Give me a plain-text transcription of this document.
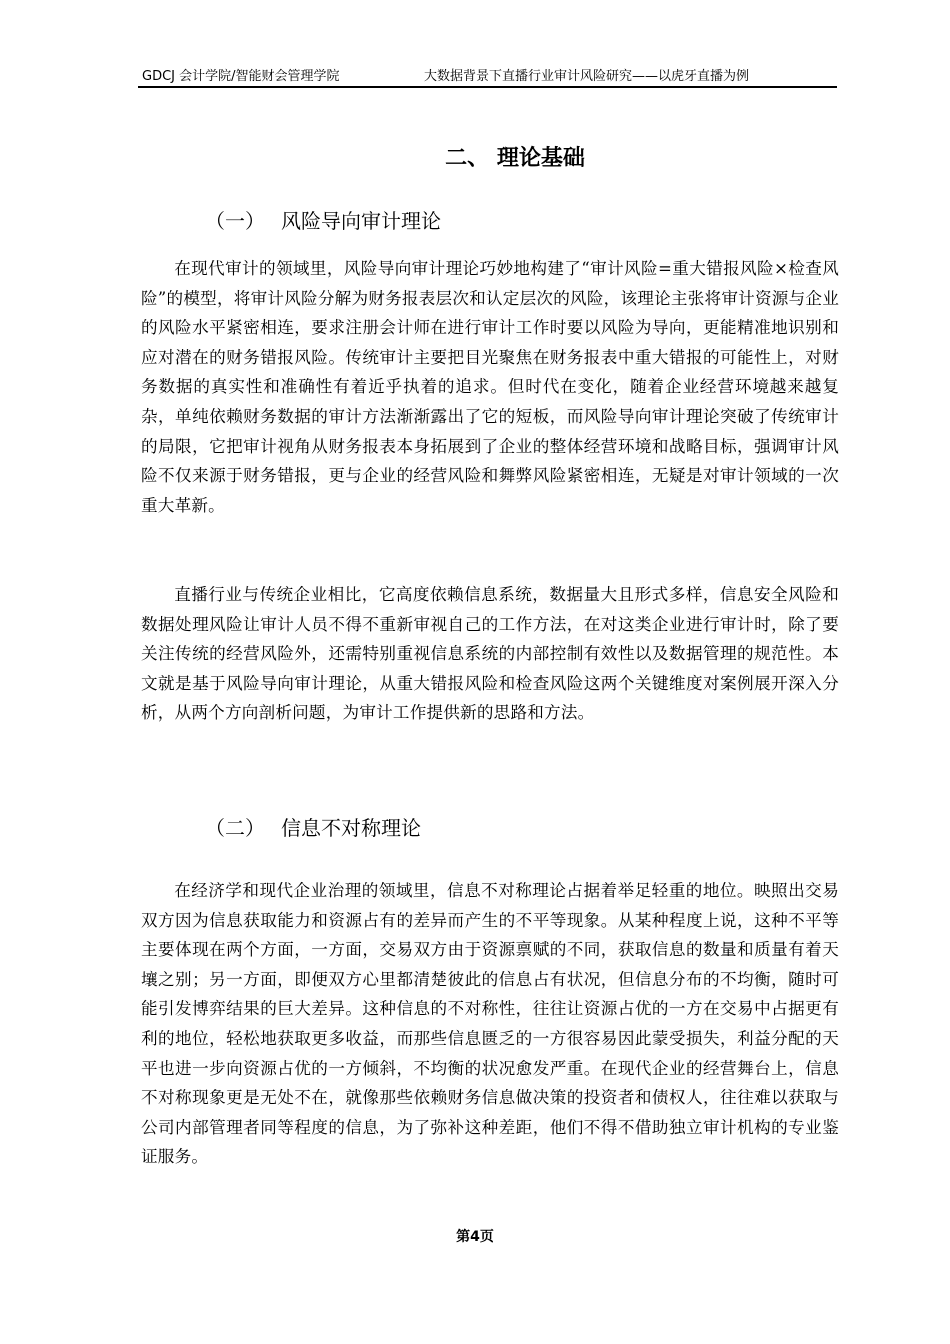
GDCJ 会计学院/智能财会管理学院	大数据背景下直播行业审计风险研究——以虎牙直播为例
二、 理论基础
（一） 风险导向审计理论

在现代审计的领域里，风险导向审计理论巧妙地构建了“审计风险=重大错报风险×检查风险”的模型，将审计风险分解为财务报表层次和认定层次的风险，该理论主张将审计资源与企业的风险水平紧密相连，要求注册会计师在进行审计工作时要以风险为导向，更能精准地识别和应对潜在的财务错报风险。传统审计主要把目光聚焦在财务报表中重大错报的可能性上，对财务数据的真实性和准确性有着近乎执着的追求。但时代在变化，随着企业经营环境越来越复杂，单纯依赖财务数据的审计方法渐渐露出了它的短板，而风险导向审计理论突破了传统审计的局限，它把审计视角从财务报表本身拓展到了企业的整体经营环境和战略目标，强调审计风险不仅来源于财务错报，更与企业的经营风险和舞弊风险紧密相连，无疑是对审计领域的一次重大革新。

直播行业与传统企业相比，它高度依赖信息系统，数据量大且形式多样，信息安全风险和数据处理风险让审计人员不得不重新审视自己的工作方法，在对这类企业进行审计时，除了要关注传统的经营风险外，还需特别重视信息系统的内部控制有效性以及数据管理的规范性。本文就是基于风险导向审计理论，从重大错报风险和检查风险这两个关键维度对案例展开深入分析，从两个方向剖析问题，为审计工作提供新的思路和方法。

（二） 信息不对称理论

在经济学和现代企业治理的领域里，信息不对称理论占据着举足轻重的地位。映照出交易双方因为信息获取能力和资源占有的差异而产生的不平等现象。从某种程度上说，这种不平等主要体现在两个方面，一方面，交易双方由于资源禀赋的不同，获取信息的数量和质量有着天壤之别；另一方面，即便双方心里都清楚彼此的信息占有状况，但信息分布的不均衡，随时可能引发博弈结果的巨大差异。这种信息的不对称性，往往让资源占优的一方在交易中占据更有利的地位，轻松地获取更多收益，而那些信息匮乏的一方很容易因此蒙受损失，利益分配的天平也进一步向资源占优的一方倾斜，不均衡的状况愈发严重。在现代企业的经营舞台上，信息不对称现象更是无处不在，就像那些依赖财务信息做决策的投资者和债权人，往往难以获取与公司内部管理者同等程度的信息，为了弥补这种差距，他们不得不借助独立审计机构的专业鉴证服务。

第4页
